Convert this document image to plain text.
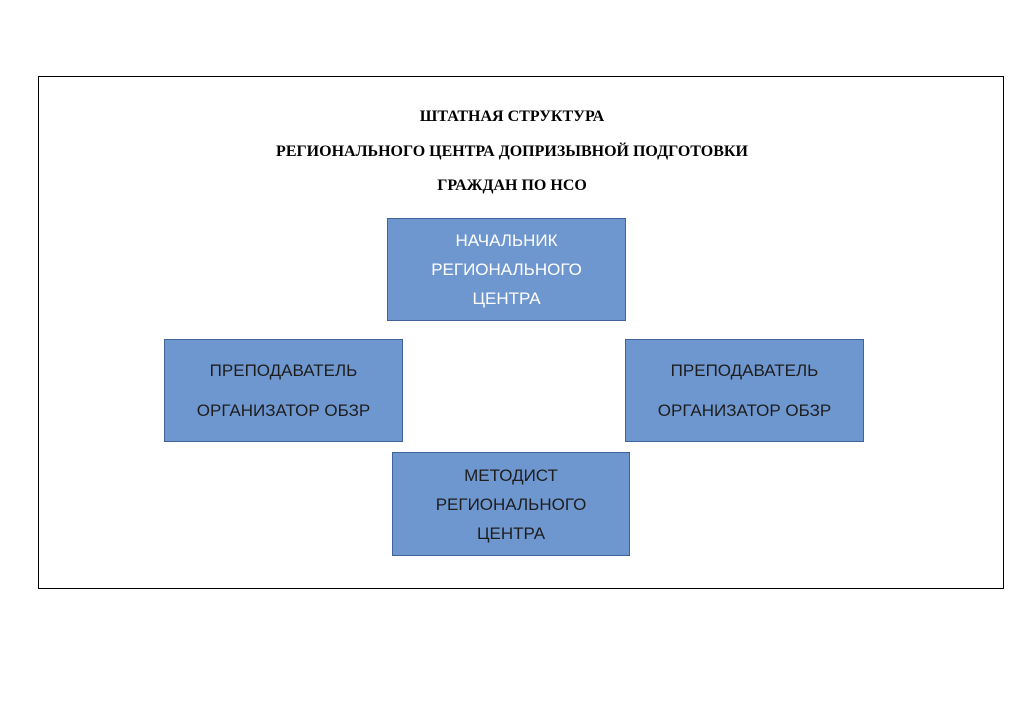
ШТАТНАЯ СТРУКТУРА
РЕГИОНАЛЬНОГО ЦЕНТРА ДОПРИЗЫВНОЙ ПОДГОТОВКИ
ГРАЖДАН ПО НСО
НАЧАЛЬНИК
РЕГИОНАЛЬНОГО
ЦЕНТРА
ПРЕПОДАВАТЕЛЬ
ОРГАНИЗАТОР ОБЗР
ПРЕПОДАВАТЕЛЬ
ОРГАНИЗАТОР ОБЗР
МЕТОДИСТ
РЕГИОНАЛЬНОГО
ЦЕНТРА
